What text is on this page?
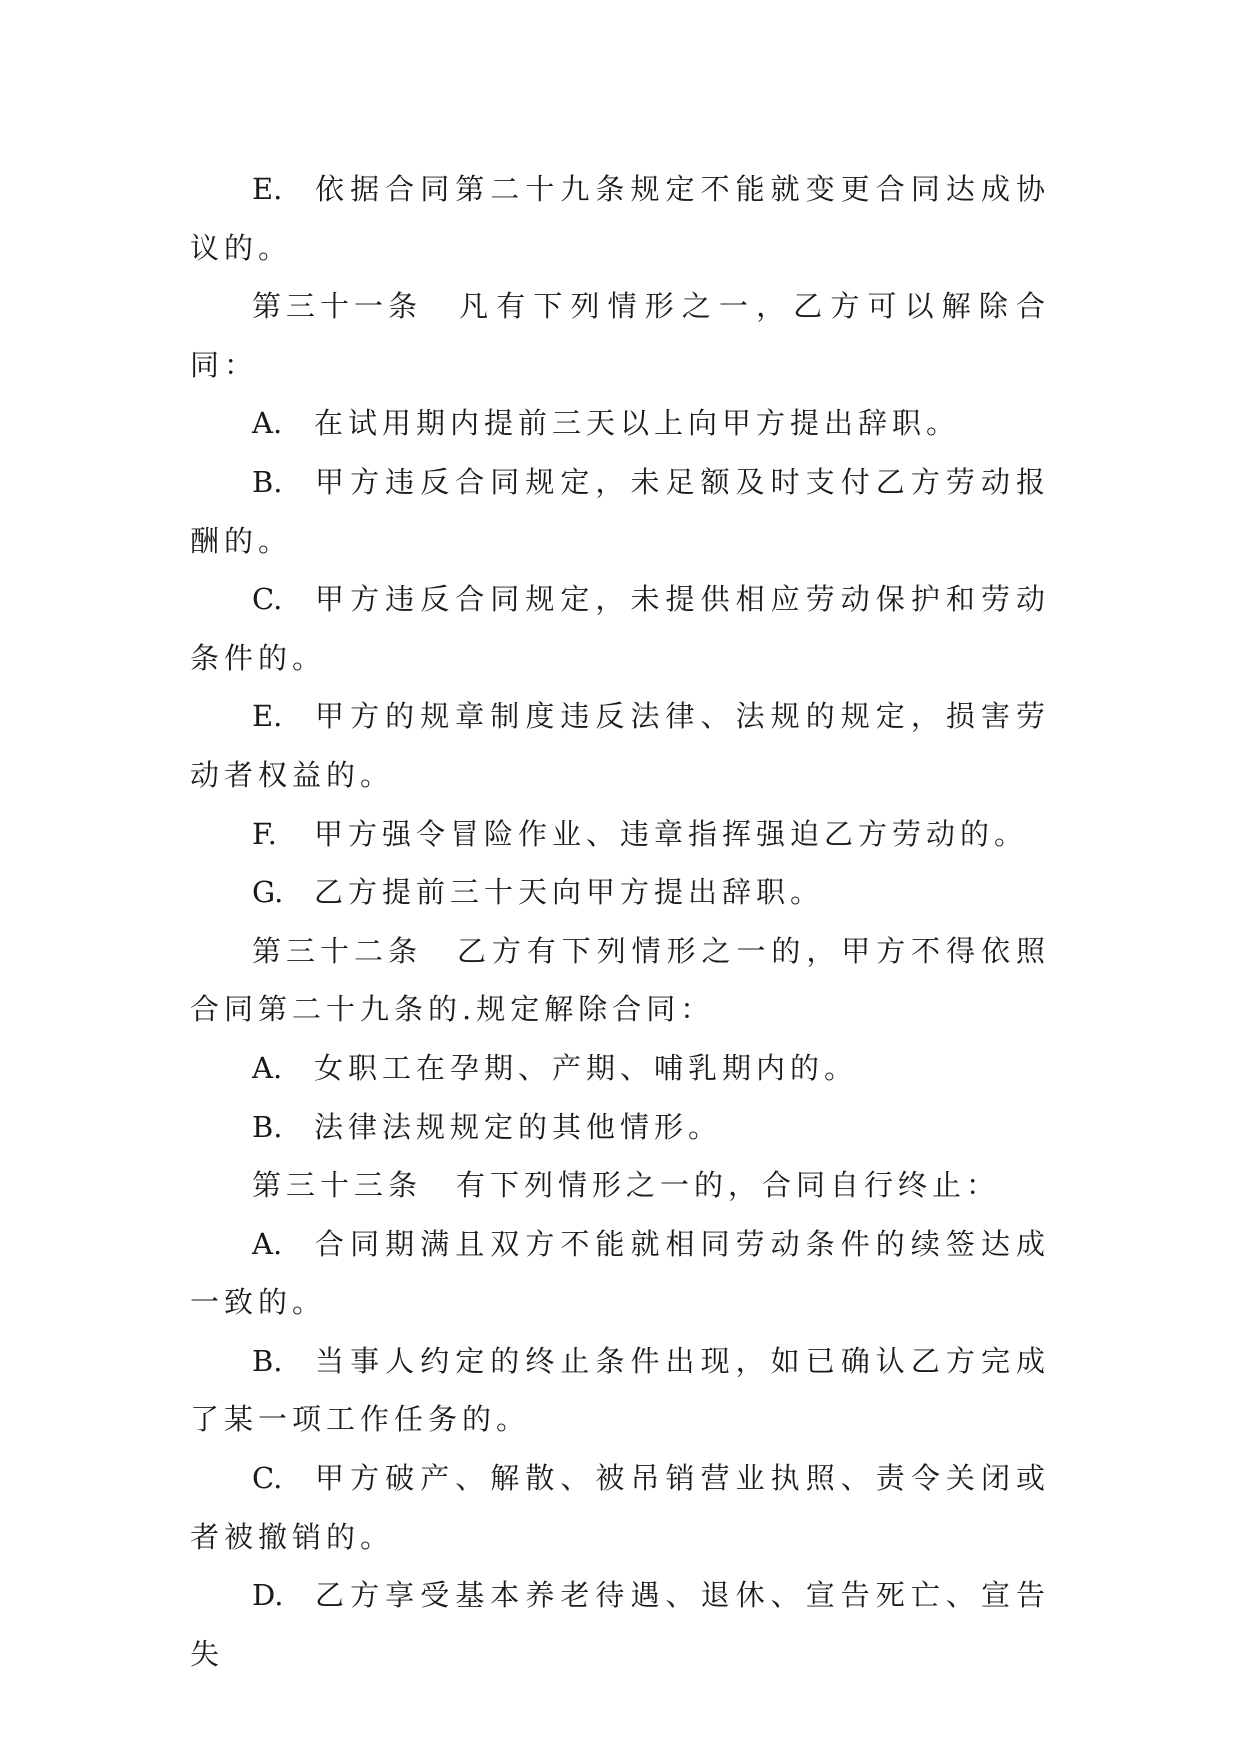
E. 依据合同第二十九条规定不能就变更合同达成协议的。

第三十一条 凡有下列情形之一，乙方可以解除合同：

A. 在试用期内提前三天以上向甲方提出辞职。

B. 甲方违反合同规定，未足额及时支付乙方劳动报酬的。

C. 甲方违反合同规定，未提供相应劳动保护和劳动条件的。

E. 甲方的规章制度违反法律、法规的规定，损害劳动者权益的。

F. 甲方强令冒险作业、违章指挥强迫乙方劳动的。

G. 乙方提前三十天向甲方提出辞职。

第三十二条 乙方有下列情形之一的，甲方不得依照合同第二十九条的.规定解除合同：

A. 女职工在孕期、产期、哺乳期内的。

B. 法律法规规定的其他情形。

第三十三条 有下列情形之一的，合同自行终止：

A. 合同期满且双方不能就相同劳动条件的续签达成一致的。

B. 当事人约定的终止条件出现，如已确认乙方完成了某一项工作任务的。

C. 甲方破产、解散、被吊销营业执照、责令关闭或者被撤销的。

D. 乙方享受基本养老待遇、退休、宣告死亡、宣告失
